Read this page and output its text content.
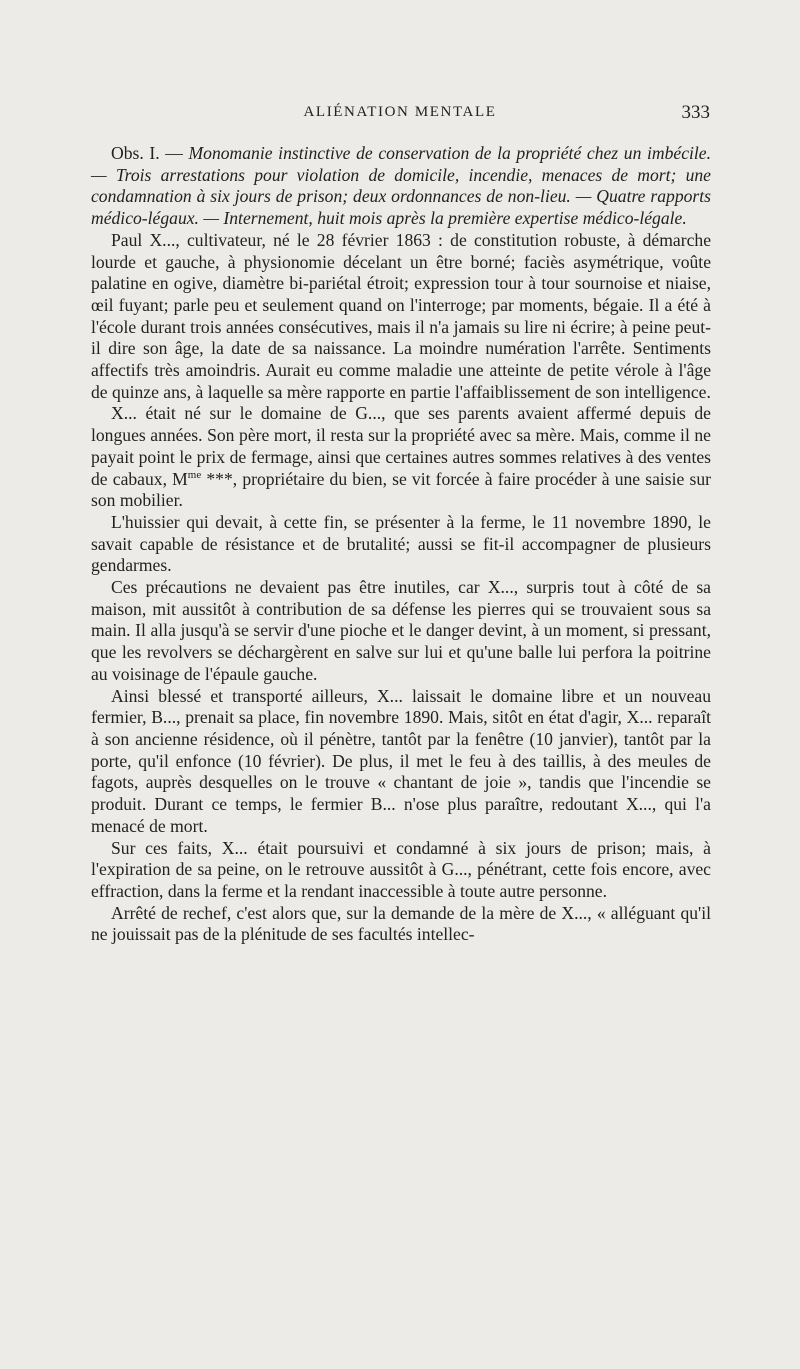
ALIÉNATION MENTALE	333

Obs. I. — Monomanie instinctive de conservation de la propriété chez un imbécile. — Trois arrestations pour violation de domicile, incendie, menaces de mort; une condamnation à six jours de prison; deux ordonnances de non-lieu. — Quatre rapports médico-légaux. — Internement, huit mois après la première expertise médico-légale.

Paul X..., cultivateur, né le 28 février 1863 : de constitution robuste, à démarche lourde et gauche, à physionomie décelant un être borné; faciès asymétrique, voûte palatine en ogive, diamètre bi-pariétal étroit; expression tour à tour sournoise et niaise, œil fuyant; parle peu et seulement quand on l'interroge; par moments, bégaie. Il a été à l'école durant trois années consécutives, mais il n'a jamais su lire ni écrire; à peine peut-il dire son âge, la date de sa naissance. La moindre numération l'arrête. Sentiments affectifs très amoindris. Aurait eu comme maladie une atteinte de petite vérole à l'âge de quinze ans, à laquelle sa mère rapporte en partie l'affaiblissement de son intelligence.

X... était né sur le domaine de G..., que ses parents avaient affermé depuis de longues années. Son père mort, il resta sur la propriété avec sa mère. Mais, comme il ne payait point le prix de fermage, ainsi que certaines autres sommes relatives à des ventes de cabaux, $M^{me}$ ***, propriétaire du bien, se vit forcée à faire procéder à une saisie sur son mobilier.

L'huissier qui devait, à cette fin, se présenter à la ferme, le 11 novembre 1890, le savait capable de résistance et de brutalité; aussi se fit-il accompagner de plusieurs gendarmes.

Ces précautions ne devaient pas être inutiles, car X..., surpris tout à côté de sa maison, mit aussitôt à contribution de sa défense les pierres qui se trouvaient sous sa main. Il alla jusqu'à se servir d'une pioche et le danger devint, à un moment, si pressant, que les revolvers se déchargèrent en salve sur lui et qu'une balle lui perfora la poitrine au voisinage de l'épaule gauche.

Ainsi blessé et transporté ailleurs, X... laissait le domaine libre et un nouveau fermier, B..., prenait sa place, fin novembre 1890. Mais, sitôt en état d'agir, X... reparaît à son ancienne résidence, où il pénètre, tantôt par la fenêtre (10 janvier), tantôt par la porte, qu'il enfonce (10 février). De plus, il met le feu à des taillis, à des meules de fagots, auprès desquelles on le trouve « chantant de joie », tandis que l'incendie se produit. Durant ce temps, le fermier B... n'ose plus paraître, redoutant X..., qui l'a menacé de mort.

Sur ces faits, X... était poursuivi et condamné à six jours de prison; mais, à l'expiration de sa peine, on le retrouve aussitôt à G..., pénétrant, cette fois encore, avec effraction, dans la ferme et la rendant inaccessible à toute autre personne.

Arrêté de rechef, c'est alors que, sur la demande de la mère de X..., « alléguant qu'il ne jouissait pas de la plénitude de ses facultés intellec-
